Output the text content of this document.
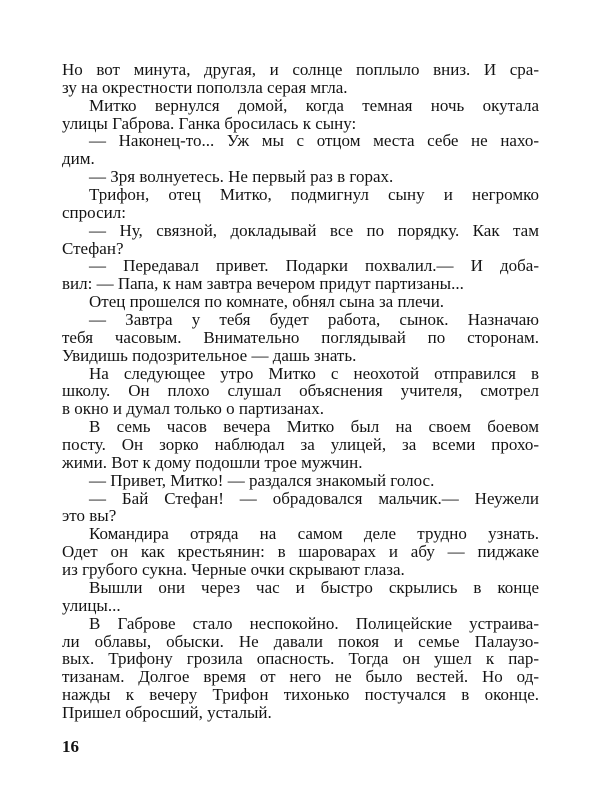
Но вот минута, другая, и солнце поплыло вниз. И сра-
зу на окрестности поползла серая мгла.
Митко вернулся домой, когда темная ночь окутала
улицы Габрова. Ганка бросилась к сыну:
— Наконец-то... Уж мы с отцом места себе не нахо-
дим.
— Зря волнуетесь. Не первый раз в горах.
Трифон, отец Митко, подмигнул сыну и негромко
спросил:
— Ну, связной, докладывай все по порядку. Как там
Стефан?
— Передавал привет. Подарки похвалил.— И доба-
вил: — Папа, к нам завтра вечером придут партизаны...
Отец прошелся по комнате, обнял сына за плечи.
— Завтра у тебя будет работа, сынок. Назначаю
тебя часовым. Внимательно поглядывай по сторонам.
Увидишь подозрительное — дашь знать.
На следующее утро Митко с неохотой отправился в
школу. Он плохо слушал объяснения учителя, смотрел
в окно и думал только о партизанах.
В семь часов вечера Митко был на своем боевом
посту. Он зорко наблюдал за улицей, за всеми прохо-
жими. Вот к дому подошли трое мужчин.
— Привет, Митко! — раздался знакомый голос.
— Бай Стефан! — обрадовался мальчик.— Неужели
это вы?
Командира отряда на самом деле трудно узнать.
Одет он как крестьянин: в шароварах и абу — пиджаке
из грубого сукна. Черные очки скрывают глаза.
Вышли они через час и быстро скрылись в конце
улицы...
В Габрове стало неспокойно. Полицейские устраива-
ли облавы, обыски. Не давали покоя и семье Палаузо-
вых. Трифону грозила опасность. Тогда он ушел к пар-
тизанам. Долгое время от него не было вестей. Но од-
нажды к вечеру Трифон тихонько постучался в оконце.
Пришел обросший, усталый.
16
